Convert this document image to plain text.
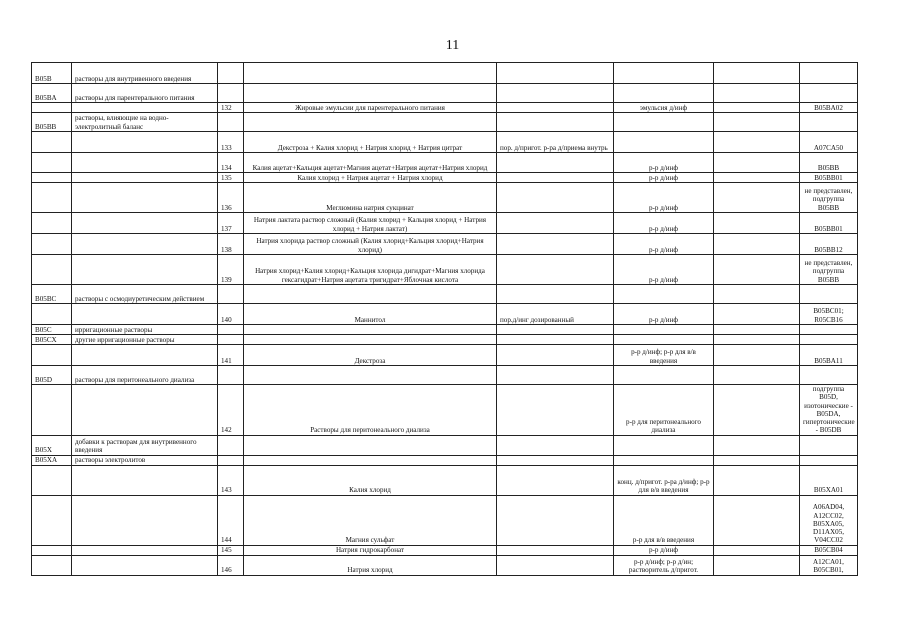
11
B05B	растворы для внутривенного введения						
B05BA	растворы для парентерального питания						
		132	Жировые эмульсии для парентерального питания		эмульсия д/инф		B05BA02
B05BB	растворы, влияющие на водно-электролитный баланс						
		133	Декстроза + Калия хлорид + Натрия хлорид + Натрия цитрат	пор. д/пригот. р-ра д/приема внутрь			A07CA50
		134	Калия ацетат+Кальция ацетат+Магния ацетат+Натрия ацетат+Натрия хлорид		р-р д/инф		B05BB
		135	Калия хлорид + Натрия ацетат + Натрия хлорид		р-р д/инф		B05BB01
		136	Меглюмина натрия сукцинат		р-р д/инф		не представлен, подгруппа B05BB
		137	Натрия лактата раствор сложный (Калия хлорид + Кальция хлорид + Натрия хлорид + Натрия лактат)		р-р д/инф		B05BB01
		138	Натрия хлорида раствор сложный (Калия хлорид+Кальция хлорид+Натрия хлорид)		р-р д/инф		B05BB12
		139	Натрия хлорид+Калия хлорид+Кальция хлорида дигидрат+Магния хлорида гексагидрат+Натрия ацетата тригидрат+Яблочная кислота		р-р д/инф		не представлен, подгруппа B05BB
B05BC	растворы с осмодиуретическим действием						
		140	Маннитол	пор.д/инг дозированный	р-р д/инф		B05BC01; R05CB16
B05C	ирригационные растворы						
B05CX	другие ирригационные растворы						
		141	Декстроза		р-р д/инф; р-р для в/в введения		B05BA11
B05D	растворы для перитонеального диализа						
		142	Растворы для перитонеального диализа		р-р для перитонеального диализа		подгруппа B05D, изотонические - B05DA, гипертонические - B05DB
B05X	добавки к растворам для внутривенного введения						
B05XA	растворы электролитов						
		143	Калия хлорид		конц. д/пригот. р-ра д/инф; р-р для в/в введения		B05XA01
		144	Магния сульфат		р-р для в/в введения		A06AD04, A12CC02, B05XA05, D11AX05, V04CC02
		145	Натрия гидрокарбонат		р-р д/инф		B05CB04
		146	Натрия хлорид		р-р д/инф; р-р д/ин; растворитель д/пригот.		A12CA01, B05CB01,
